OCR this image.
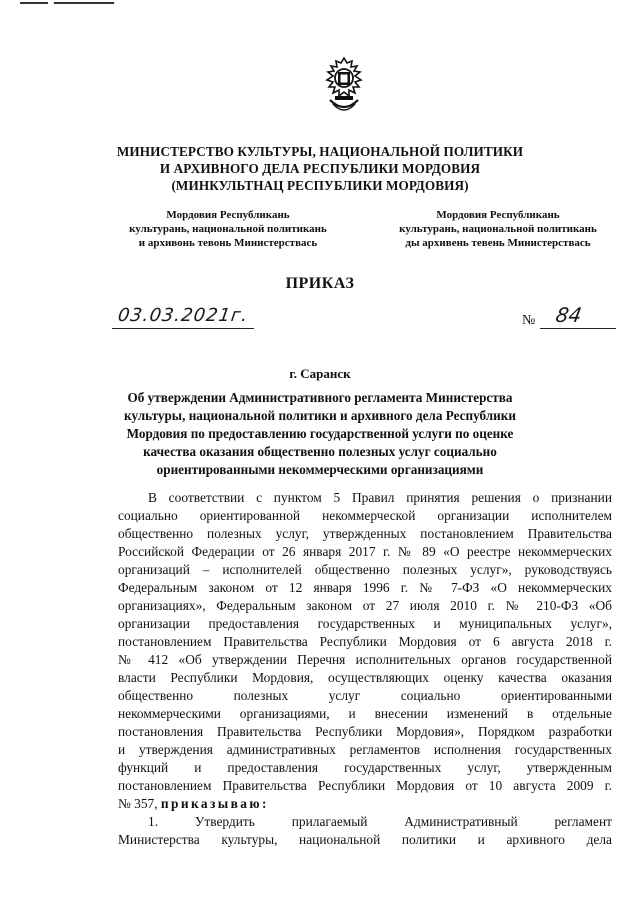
МИНИСТЕРСТВО КУЛЬТУРЫ, НАЦИОНАЛЬНОЙ ПОЛИТИКИ
И АРХИВНОГО ДЕЛА РЕСПУБЛИКИ МОРДОВИЯ
(МИНКУЛЬТНАЦ РЕСПУБЛИКИ МОРДОВИЯ)
Мордовия Республикань
культурань, национальной политикань
и архивонь тевонь Министерствась
Мордовия Республикань
культурань, национальной политикань
ды архивень тевень Министерствась
ПРИКАЗ
03.03.2021г.	№ 84
г. Саранск
Об утверждении Административного регламента Министерства
культуры, национальной политики и архивного дела Республики
Мордовия по предоставлению государственной услуги по оценке
качества оказания общественно полезных услуг социально
ориентированными некоммерческими организациями
В соответствии с пунктом 5 Правил принятия решения о признании
социально ориентированной некоммерческой организации исполнителем
общественно полезных услуг, утвержденных постановлением Правительства
Российской Федерации от 26 января 2017 г. № 89 «О реестре некоммерческих
организаций – исполнителей общественно полезных услуг», руководствуясь
Федеральным законом от 12 января 1996 г. № 7-ФЗ «О некоммерческих
организациях», Федеральным законом от 27 июля 2010 г. № 210-ФЗ «Об
организации предоставления государственных и муниципальных услуг»,
постановлением Правительства Республики Мордовия от 6 августа 2018 г.
№ 412 «Об утверждении Перечня исполнительных органов государственной
власти Республики Мордовия, осуществляющих оценку качества оказания
общественно полезных услуг социально ориентированными
некоммерческими организациями, и внесении изменений в отдельные
постановления Правительства Республики Мордовия», Порядком разработки
и утверждения административных регламентов исполнения государственных
функций и предоставления государственных услуг, утвержденным
постановлением Правительства Республики Мордовия от 10 августа 2009 г.
№ 357, приказываю:
1. Утвердить прилагаемый Административный регламент
Министерства культуры, национальной политики и архивного дела
